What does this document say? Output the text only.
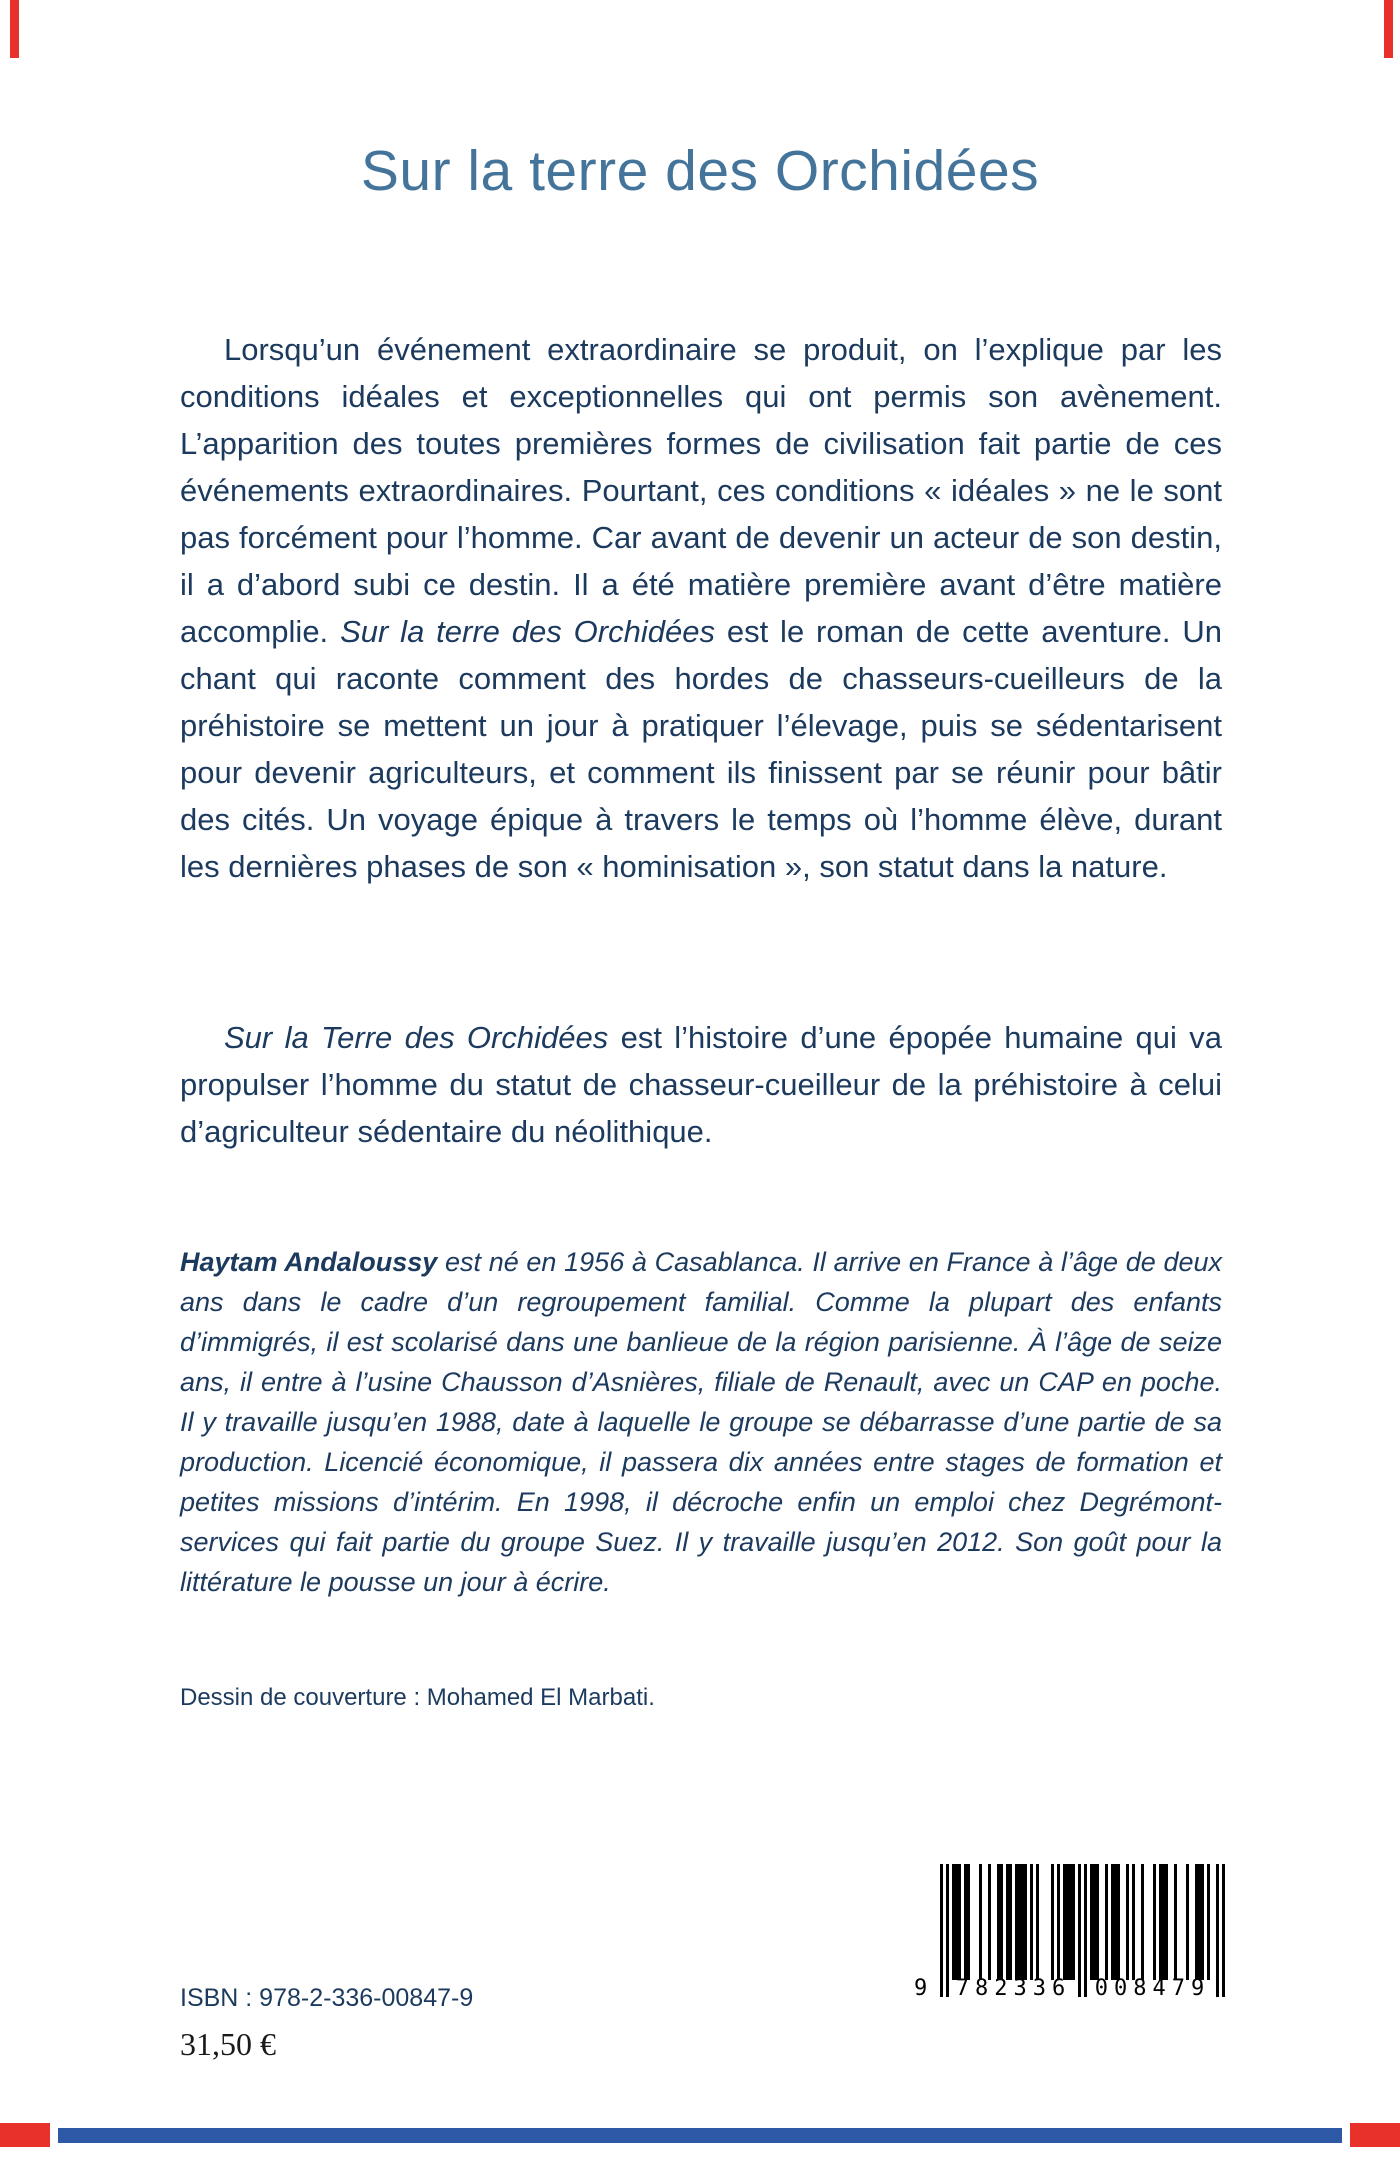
Sur la terre des Orchidées

Lorsqu’un événement extraordinaire se produit, on l’explique par les conditions idéales et exceptionnelles qui ont permis son avènement. L’apparition des toutes premières formes de civilisation fait partie de ces événements extraordinaires. Pourtant, ces conditions « idéales » ne le sont pas forcément pour l’homme. Car avant de devenir un acteur de son destin, il a d’abord subi ce destin. Il a été matière première avant d’être matière accomplie. Sur la terre des Orchidées est le roman de cette aventure. Un chant qui raconte comment des hordes de chasseurs-cueilleurs de la préhistoire se mettent un jour à pratiquer l’élevage, puis se sédentarisent pour devenir agriculteurs, et comment ils finissent par se réunir pour bâtir des cités. Un voyage épique à travers le temps où l’homme élève, durant les dernières phases de son « hominisation », son statut dans la nature.

Sur la Terre des Orchidées est l’histoire d’une épopée humaine qui va propulser l’homme du statut de chasseur-cueilleur de la préhistoire à celui d’agriculteur sédentaire du néolithique.

Haytam Andaloussy est né en 1956 à Casablanca. Il arrive en France à l’âge de deux ans dans le cadre d’un regroupement familial. Comme la plupart des enfants d’immigrés, il est scolarisé dans une banlieue de la région parisienne. À l’âge de seize ans, il entre à l’usine Chausson d’Asnières, filiale de Renault, avec un CAP en poche. Il y travaille jusqu’en 1988, date à laquelle le groupe se débarrasse d’une partie de sa production. Licencié économique, il passera dix années entre stages de formation et petites missions d’intérim. En 1998, il décroche enfin un emploi chez Degrémont-services qui fait partie du groupe Suez. Il y travaille jusqu’en 2012. Son goût pour la littérature le pousse un jour à écrire.

Dessin de couverture : Mohamed El Marbati.

ISBN : 978-2-336-00847-9
31,50 €
9 782336 008479
